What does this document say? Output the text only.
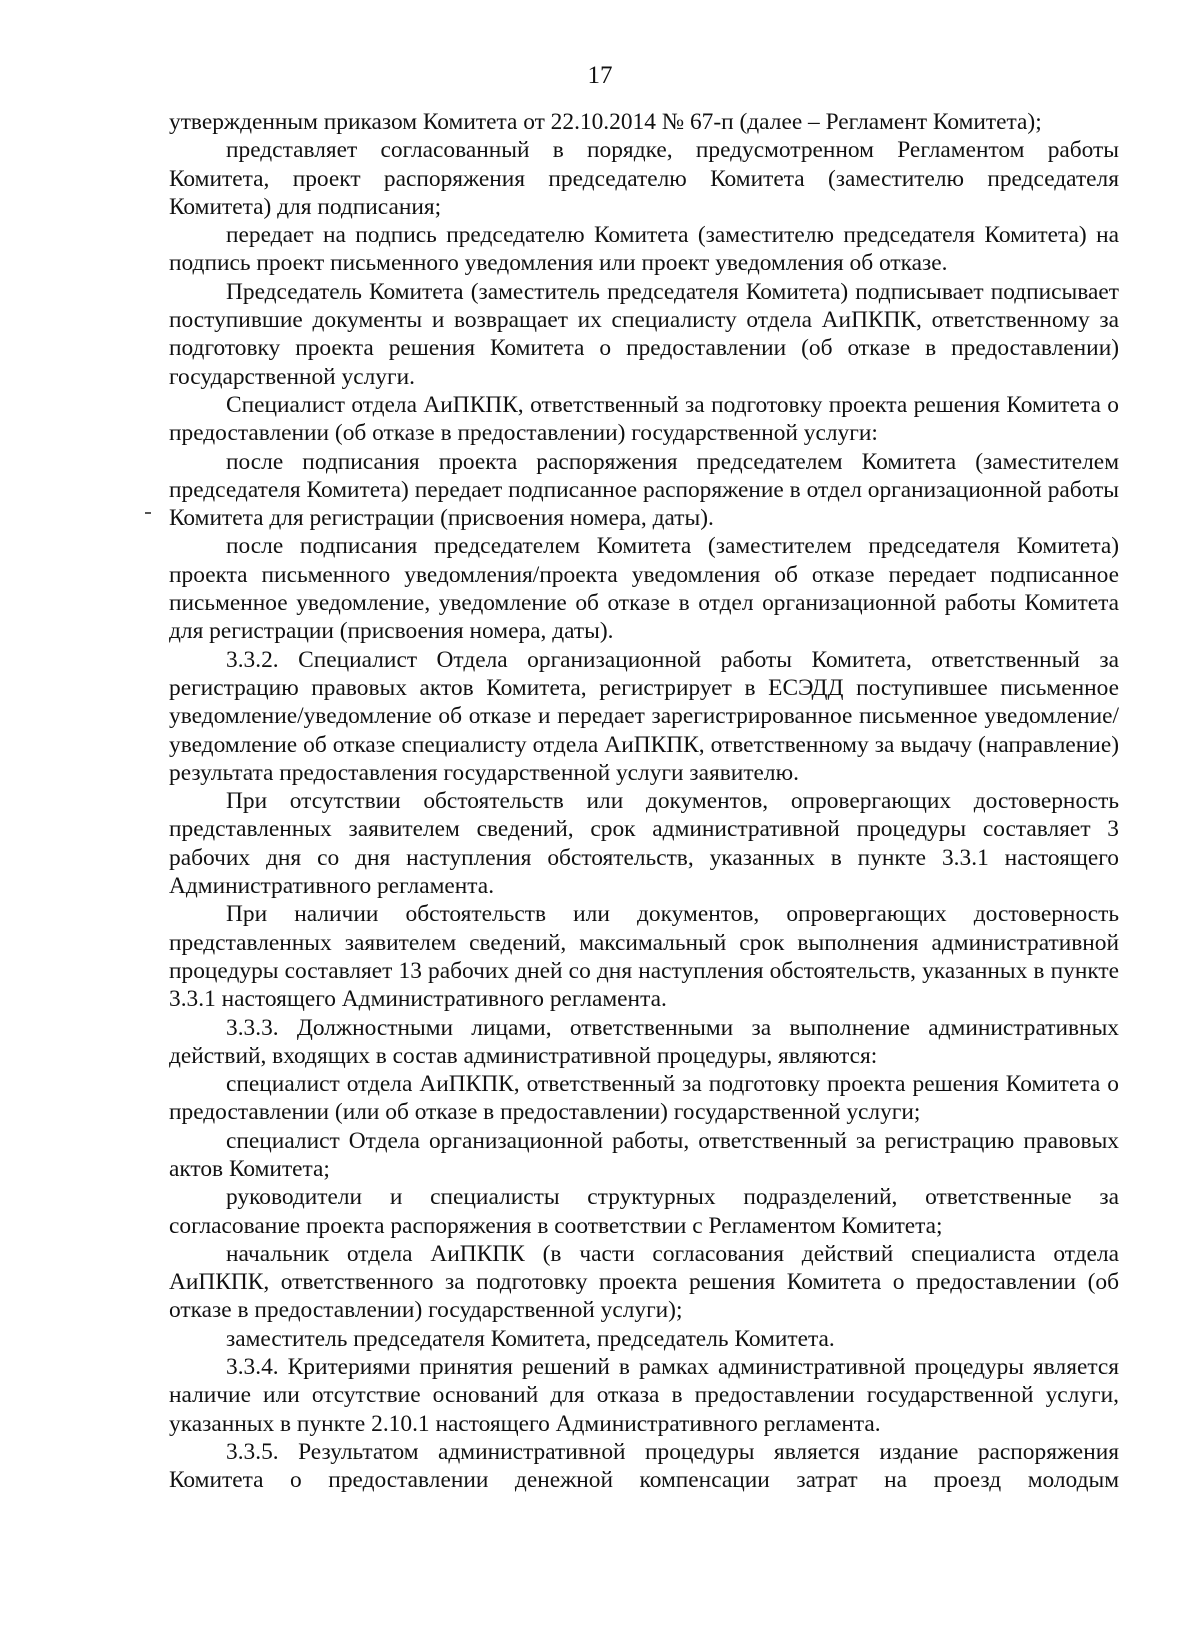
17

утвержденным приказом Комитета от 22.10.2014 № 67-п (далее – Регламент Комитета);

представляет согласованный в порядке, предусмотренном Регламентом работы Комитета, проект распоряжения председателю Комитета (заместителю председателя Комитета) для подписания;

передает на подпись председателю Комитета (заместителю председателя Комитета) на подпись проект письменного уведомления или проект уведомления об отказе.

Председатель Комитета (заместитель председателя Комитета) подписывает подписывает поступившие документы и возвращает их специалисту отдела АиПКПК, ответственному за подготовку проекта решения Комитета о предоставлении (об отказе в предоставлении) государственной услуги.

Специалист отдела АиПКПК, ответственный за подготовку проекта решения Комитета о предоставлении (об отказе в предоставлении) государственной услуги:

после подписания проекта распоряжения председателем Комитета (заместителем председателя Комитета) передает подписанное распоряжение в отдел организационной работы Комитета для регистрации (присвоения номера, даты).

после подписания председателем Комитета (заместителем председателя Комитета) проекта письменного уведомления/проекта уведомления об отказе передает подписанное письменное уведомление, уведомление об отказе в отдел организационной работы Комитета для регистрации (присвоения номера, даты).

3.3.2. Специалист Отдела организационной работы Комитета, ответственный за регистрацию правовых актов Комитета, регистрирует в ЕСЭДД поступившее письменное уведомление/уведомление об отказе и передает зарегистрированное письменное уведомление/уведомление об отказе специалисту отдела АиПКПК, ответственному за выдачу (направление) результата предоставления государственной услуги заявителю.

При отсутствии обстоятельств или документов, опровергающих достоверность представленных заявителем сведений, срок административной процедуры составляет 3 рабочих дня со дня наступления обстоятельств, указанных в пункте 3.3.1 настоящего Административного регламента.

При наличии обстоятельств или документов, опровергающих достоверность представленных заявителем сведений, максимальный срок выполнения административной процедуры составляет 13 рабочих дней со дня наступления обстоятельств, указанных в пункте 3.3.1 настоящего Административного регламента.

3.3.3. Должностными лицами, ответственными за выполнение административных действий, входящих в состав административной процедуры, являются:

специалист отдела АиПКПК, ответственный за подготовку проекта решения Комитета о предоставлении (или об отказе в предоставлении) государственной услуги;

специалист Отдела организационной работы, ответственный за регистрацию правовых актов Комитета;

руководители и специалисты структурных подразделений, ответственные за согласование проекта распоряжения в соответствии с Регламентом Комитета;

начальник отдела АиПКПК (в части согласования действий специалиста отдела АиПКПК, ответственного за подготовку проекта решения Комитета о предоставлении (об отказе в предоставлении) государственной услуги);

заместитель председателя Комитета, председатель Комитета.

3.3.4. Критериями принятия решений в рамках административной процедуры является наличие или отсутствие оснований для отказа в предоставлении государственной услуги, указанных в пункте 2.10.1 настоящего Административного регламента.

3.3.5. Результатом административной процедуры является издание распоряжения Комитета о предоставлении денежной компенсации затрат на проезд молодым
